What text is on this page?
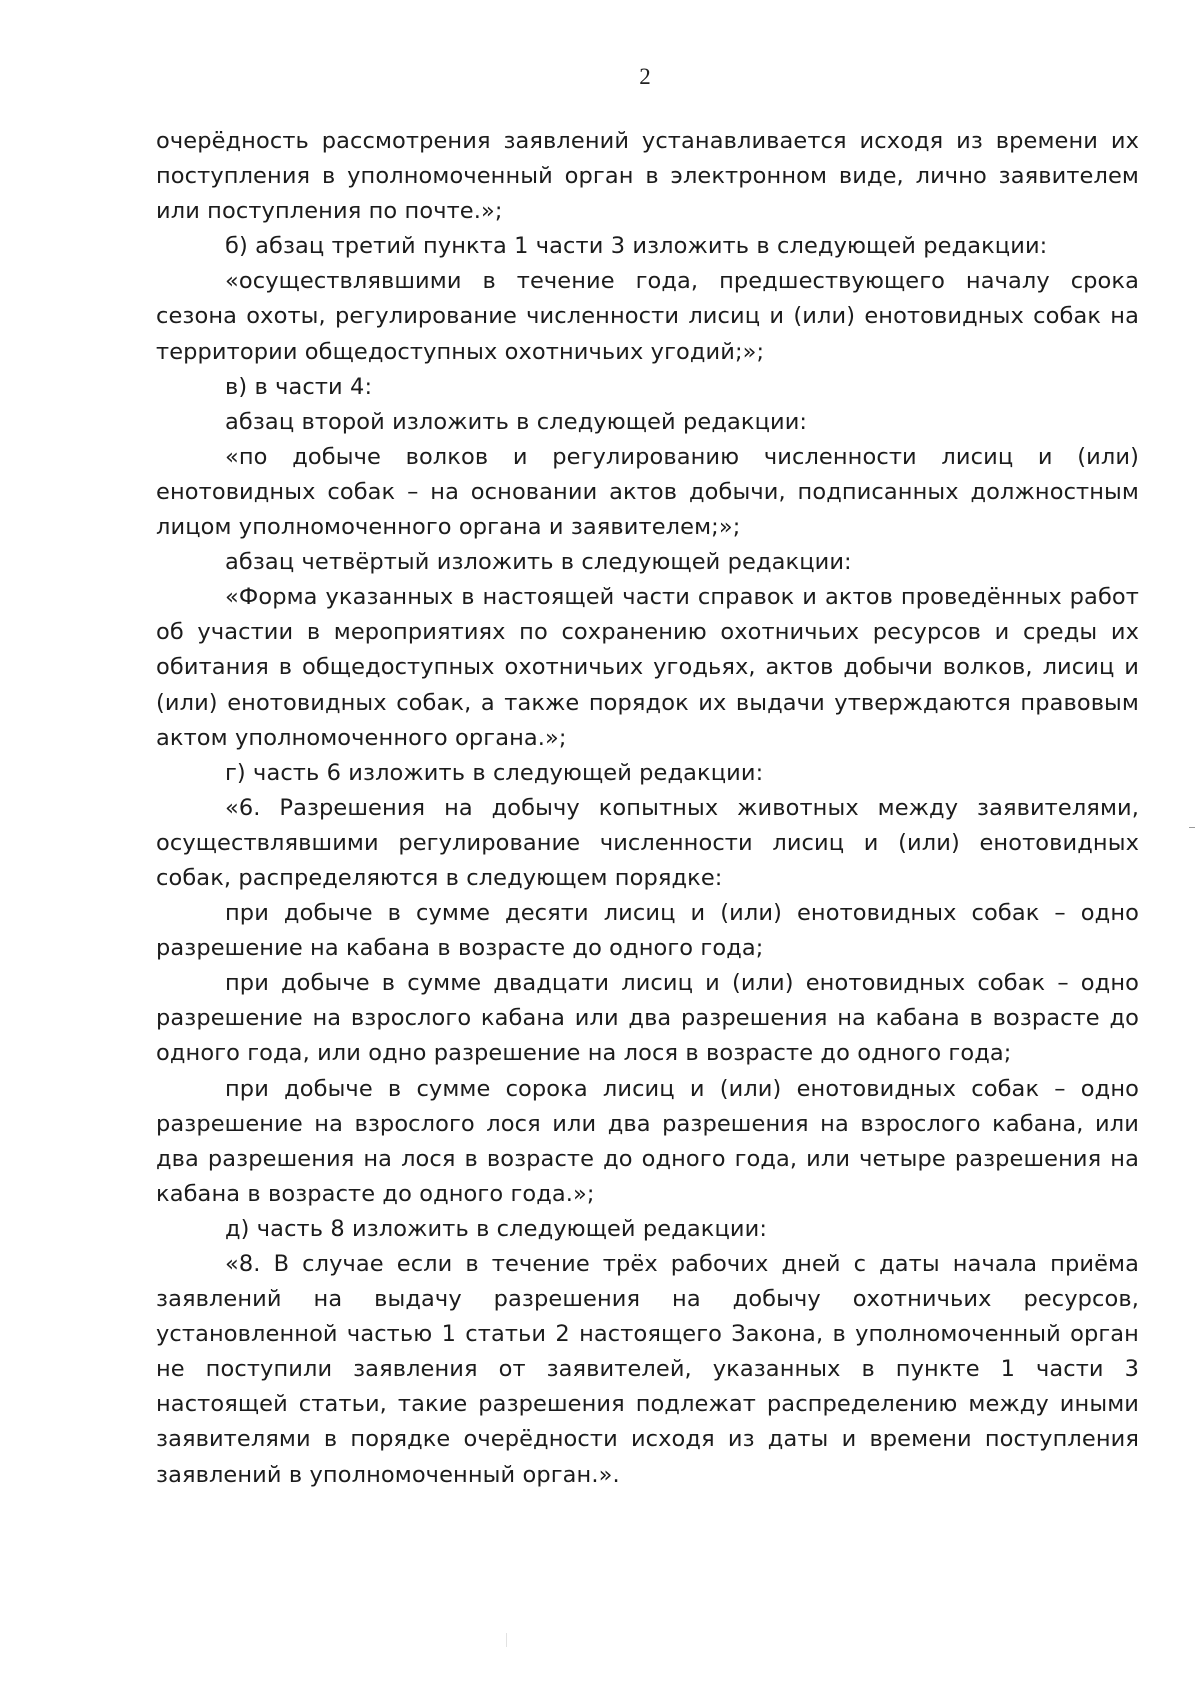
2

очерёдность рассмотрения заявлений устанавливается исходя из времени их поступления в уполномоченный орган в электронном виде, лично заявителем или поступления по почте.»;

б) абзац третий пункта 1 части 3 изложить в следующей редакции:

«осуществлявшими в течение года, предшествующего началу срока сезона охоты, регулирование численности лисиц и (или) енотовидных собак на территории общедоступных охотничьих угодий;»;

в) в части 4:

абзац второй изложить в следующей редакции:

«по добыче волков и регулированию численности лисиц и (или) енотовидных собак – на основании актов добычи, подписанных должностным лицом уполномоченного органа и заявителем;»;

абзац четвёртый изложить в следующей редакции:

«Форма указанных в настоящей части справок и актов проведённых работ об участии в мероприятиях по сохранению охотничьих ресурсов и среды их обитания в общедоступных охотничьих угодьях, актов добычи волков, лисиц и (или) енотовидных собак, а также порядок их выдачи утверждаются правовым актом уполномоченного органа.»;

г) часть 6 изложить в следующей редакции:

«6. Разрешения на добычу копытных животных между заявителями, осуществлявшими регулирование численности лисиц и (или) енотовидных собак, распределяются в следующем порядке:

при добыче в сумме десяти лисиц и (или) енотовидных собак – одно разрешение на кабана в возрасте до одного года;

при добыче в сумме двадцати лисиц и (или) енотовидных собак – одно разрешение на взрослого кабана или два разрешения на кабана в возрасте до одного года, или одно разрешение на лося в возрасте до одного года;

при добыче в сумме сорока лисиц и (или) енотовидных собак – одно разрешение на взрослого лося или два разрешения на взрослого кабана, или два разрешения на лося в возрасте до одного года, или четыре разрешения на кабана в возрасте до одного года.»;

д) часть 8 изложить в следующей редакции:

«8. В случае если в течение трёх рабочих дней с даты начала приёма заявлений на выдачу разрешения на добычу охотничьих ресурсов, установленной частью 1 статьи 2 настоящего Закона, в уполномоченный орган не поступили заявления от заявителей, указанных в пункте 1 части 3 настоящей статьи, такие разрешения подлежат распределению между иными заявителями в порядке очерёдности исходя из даты и времени поступления заявлений в уполномоченный орган.».
